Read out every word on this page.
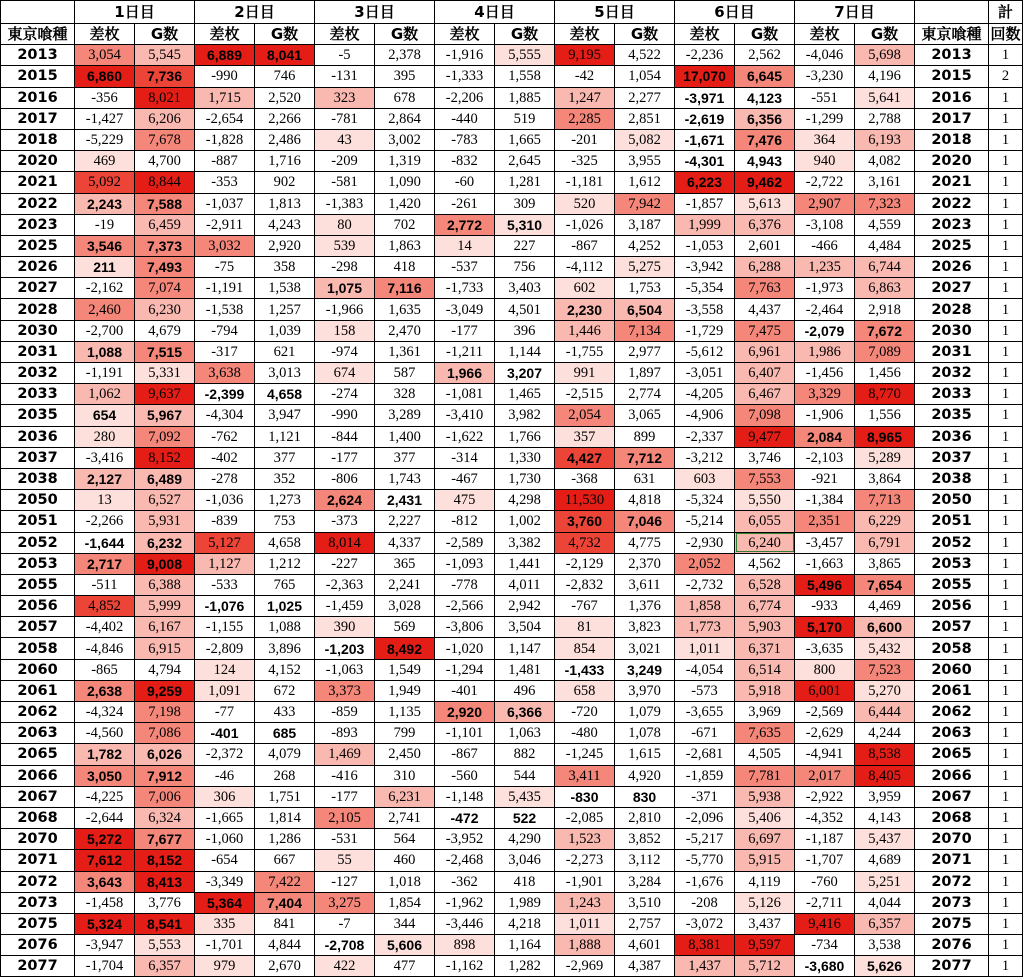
	1日目		2日目		3日目		4日目		5日目		6日目		7日目			計
東京喰種	差枚	G数	差枚	G数	差枚	G数	差枚	G数	差枚	G数	差枚	G数	差枚	G数	東京喰種	回数
2013	3,054	5,545	6,889	8,041	-5	2,378	-1,916	5,555	9,195	4,522	-2,236	2,562	-4,046	5,698	2013	1
2015	6,860	7,736	-990	746	-131	395	-1,333	1,558	-42	1,054	17,070	6,645	-3,230	4,196	2015	2
2016	-356	8,021	1,715	2,520	323	678	-2,206	1,885	1,247	2,277	-3,971	4,123	-551	5,641	2016	1
2017	-1,427	6,206	-2,654	2,266	-781	2,864	-440	519	2,285	2,851	-2,619	6,356	-1,299	2,788	2017	1
2018	-5,229	7,678	-1,828	2,486	43	3,002	-783	1,665	-201	5,082	-1,671	7,476	364	6,193	2018	1
2020	469	4,700	-887	1,716	-209	1,319	-832	2,645	-325	3,955	-4,301	4,943	940	4,082	2020	1
2021	5,092	8,844	-353	902	-581	1,090	-60	1,281	-1,181	1,612	6,223	9,462	-2,722	3,161	2021	1
2022	2,243	7,588	-1,037	1,813	-1,383	1,420	-261	309	520	7,942	-1,857	5,613	2,907	7,323	2022	1
2023	-19	6,459	-2,911	4,243	80	702	2,772	5,310	-1,026	3,187	1,999	6,376	-3,108	4,559	2023	1
2025	3,546	7,373	3,032	2,920	539	1,863	14	227	-867	4,252	-1,053	2,601	-466	4,484	2025	1
2026	211	7,493	-75	358	-298	418	-537	756	-4,112	5,275	-3,942	6,288	1,235	6,744	2026	1
2027	-2,162	7,074	-1,191	1,538	1,075	7,116	-1,733	3,403	602	1,753	-5,354	7,763	-1,973	6,863	2027	1
2028	2,460	6,230	-1,538	1,257	-1,966	1,635	-3,049	4,501	2,230	6,504	-3,558	4,437	-2,464	2,918	2028	1
2030	-2,700	4,679	-794	1,039	158	2,470	-177	396	1,446	7,134	-1,729	7,475	-2,079	7,672	2030	1
2031	1,088	7,515	-317	621	-974	1,361	-1,211	1,144	-1,755	2,977	-5,612	6,961	1,986	7,089	2031	1
2032	-1,191	5,331	3,638	3,013	674	587	1,966	3,207	991	1,897	-3,051	6,407	-1,456	1,456	2032	1
2033	1,062	9,637	-2,399	4,658	-274	328	-1,081	1,465	-2,515	2,774	-4,205	6,467	3,329	8,770	2033	1
2035	654	5,967	-4,304	3,947	-990	3,289	-3,410	3,982	2,054	3,065	-4,906	7,098	-1,906	1,556	2035	1
2036	280	7,092	-762	1,121	-844	1,400	-1,622	1,766	357	899	-2,337	9,477	2,084	8,965	2036	1
2037	-3,416	8,152	-402	377	-177	377	-314	1,330	4,427	7,712	-3,212	3,746	-2,103	5,289	2037	1
2038	2,127	6,489	-278	352	-806	1,743	-467	1,730	-368	631	603	7,553	-921	3,864	2038	1
2050	13	6,527	-1,036	1,273	2,624	2,431	475	4,298	11,530	4,818	-5,324	5,550	-1,384	7,713	2050	1
2051	-2,266	5,931	-839	753	-373	2,227	-812	1,002	3,760	7,046	-5,214	6,055	2,351	6,229	2051	1
2052	-1,644	6,232	5,127	4,658	8,014	4,337	-2,589	3,382	4,732	4,775	-2,930	6,240	-3,457	6,791	2052	1
2053	2,717	9,008	1,127	1,212	-227	365	-1,093	1,441	-2,129	2,370	2,052	4,562	-1,663	3,865	2053	1
2055	-511	6,388	-533	765	-2,363	2,241	-778	4,011	-2,832	3,611	-2,732	6,528	5,496	7,654	2055	1
2056	4,852	5,999	-1,076	1,025	-1,459	3,028	-2,566	2,942	-767	1,376	1,858	6,774	-933	4,469	2056	1
2057	-4,402	6,167	-1,155	1,088	390	569	-3,806	3,504	81	3,823	1,773	5,903	5,170	6,600	2057	1
2058	-4,846	6,915	-2,809	3,896	-1,203	8,492	-1,020	1,147	854	3,021	1,011	6,371	-3,635	5,432	2058	1
2060	-865	4,794	124	4,152	-1,063	1,549	-1,294	1,481	-1,433	3,249	-4,054	6,514	800	7,523	2060	1
2061	2,638	9,259	1,091	672	3,373	1,949	-401	496	658	3,970	-573	5,918	6,001	5,270	2061	1
2062	-4,324	7,198	-77	433	-859	1,135	2,920	6,366	-720	1,079	-3,655	3,969	-2,569	6,444	2062	1
2063	-4,560	7,086	-401	685	-893	799	-1,101	1,063	-480	1,078	-671	7,635	-2,629	4,244	2063	1
2065	1,782	6,026	-2,372	4,079	1,469	2,450	-867	882	-1,245	1,615	-2,681	4,505	-4,941	8,538	2065	1
2066	3,050	7,912	-46	268	-416	310	-560	544	3,411	4,920	-1,859	7,781	2,017	8,405	2066	1
2067	-4,225	7,006	306	1,751	-177	6,231	-1,148	5,435	-830	830	-371	5,938	-2,922	3,959	2067	1
2068	-2,644	6,324	-1,665	1,814	2,105	2,741	-472	522	-2,085	2,810	-2,096	5,406	-4,352	4,143	2068	1
2070	5,272	7,677	-1,060	1,286	-531	564	-3,952	4,290	1,523	3,852	-5,217	6,697	-1,187	5,437	2070	1
2071	7,612	8,152	-654	667	55	460	-2,468	3,046	-2,273	3,112	-5,770	5,915	-1,707	4,689	2071	1
2072	3,643	8,413	-3,349	7,422	-127	1,018	-362	418	-1,901	3,284	-1,676	4,119	-760	5,251	2072	1
2073	-1,458	3,776	5,364	7,404	3,275	1,854	-1,962	1,989	1,243	3,510	-208	5,126	-2,711	4,044	2073	1
2075	5,324	8,541	335	841	-7	344	-3,446	4,218	1,011	2,757	-3,072	3,437	9,416	6,357	2075	1
2076	-3,947	5,553	-1,701	4,844	-2,708	5,606	898	1,164	1,888	4,601	8,381	9,597	-734	3,538	2076	1
2077	-1,704	6,357	979	2,670	422	477	-1,162	1,282	-2,969	4,387	1,437	5,712	-3,680	5,626	2077	1
